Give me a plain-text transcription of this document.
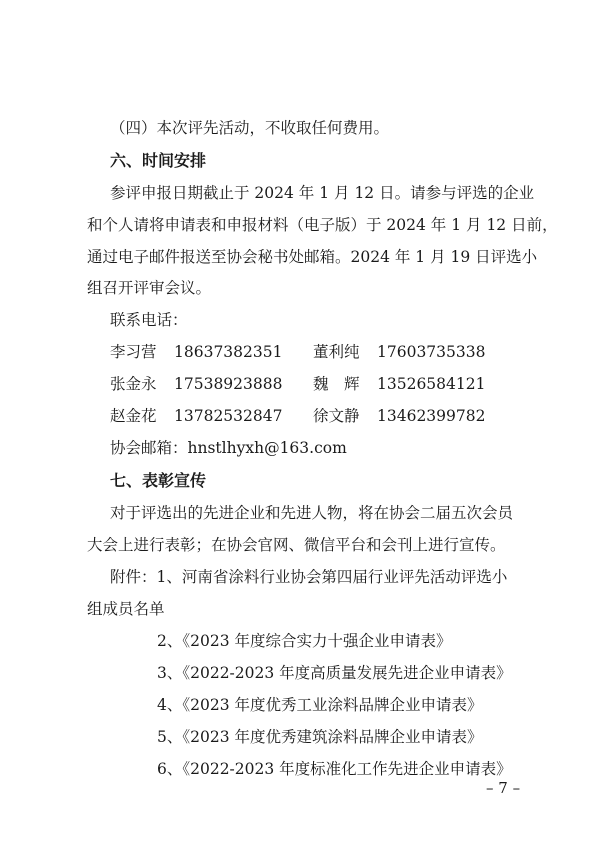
（四）本次评先活动，不收取任何费用。
六、时间安排
参评申报日期截止于 2024 年 1 月 12 日。请参与评选的企业
和个人请将申请表和申报材料（电子版）于 2024 年 1 月 12 日前，
通过电子邮件报送至协会秘书处邮箱。2024 年 1 月 19 日评选小
组召开评审会议。
联系电话：
李习营 18637382351 董利纯 17603735338
张金永 17538923888 魏　辉 13526584121
赵金花 13782532847 徐文静 13462399782
协会邮箱：hnstlhyxh@163.com
七、表彰宣传
对于评选出的先进企业和先进人物，将在协会二届五次会员
大会上进行表彰；在协会官网、微信平台和会刊上进行宣传。
附件：1、河南省涂料行业协会第四届行业评先活动评选小
组成员名单
2、《2023 年度综合实力十强企业申请表》
3、《2022-2023 年度高质量发展先进企业申请表》
4、《2023 年度优秀工业涂料品牌企业申请表》
5、《2023 年度优秀建筑涂料品牌企业申请表》
6、《2022-2023 年度标准化工作先进企业申请表》
– 7 –
